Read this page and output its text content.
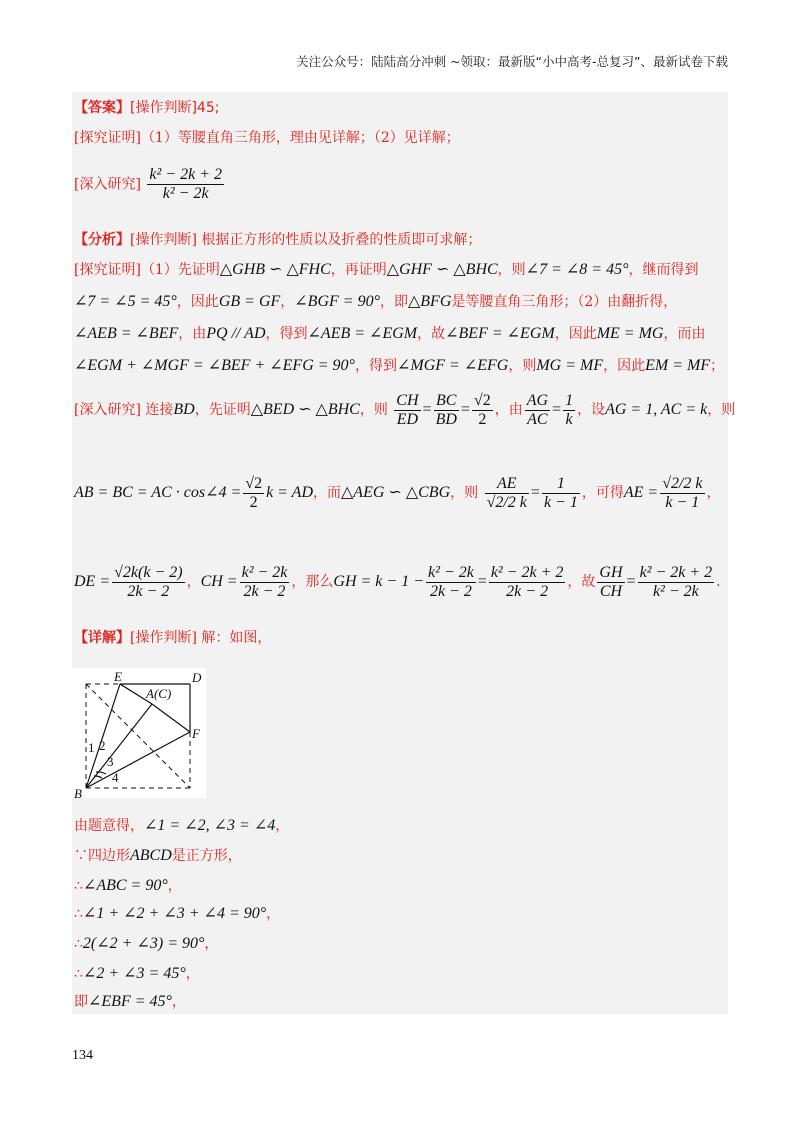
关注公众号：陆陆高分冲刺 ~领取：最新版“小中高考-总复习”、最新试卷下载
【答案】[操作判断]45;
[探究证明]（1）等腰直角三角形，理由见详解；（2）见详解；
[深入研究] $\frac{\text{k² − 2k + 2}}{\text{k² − 2k}}$
【分析】[操作判断] 根据正方形的性质以及折叠的性质即可求解；
[探究证明]（1）先证明△GHB ∽ △FHC，再证明△GHF ∽ △BHC，则∠7 = ∠8 = 45°，继而得到
∠7 = ∠5 = 45°，因此GB = GF，∠BGF = 90°，即△BFG是等腰直角三角形；（2）由翻折得，
∠AEB = ∠BEF，由PQ // AD，得到∠AEB = ∠EGM，故∠BEF = ∠EGM，因此ME = MG，而由
∠EGM + ∠MGF = ∠BEF + ∠EFG = 90°，得到∠MGF = ∠EFG，则MG = MF，因此EM = MF；
[深入研究] 连接BD，先证明△BED ∽ △BHC，则 $\frac{CH}{ED} = \frac{BC}{BD} = \frac{√2}{2}$ ，由 $\frac{AG}{AC} = \frac{1}{k}$ ，设AG = 1, AC = k，则
AB = BC = AC · cos∠4 = $\frac{√2}{2}$ k = AD，而△AEG ∽ △CBG，则 $\frac{AE}{√2/2 k} = \frac{1}{k - 1}$ ，可得AE = $\frac{√2/2 k}{k - 1}$ ，
DE = $\frac{√2k(k - 2)}{2k - 2}$ ，CH = $\frac{\text{k² − 2k}}{2k - 2}$ ，那么GH = $k - 1 - \frac{\text{k² − 2k}}{2k - 2} = \frac{\text{k² − 2k + 2}}{2k - 2}$ ，故 $\frac{GH}{CH} = \frac{\text{k² − 2k + 2}}{\text{k² − 2k}}$ .
【详解】[操作判断] 解：如图，
E
A(C)
D
F
B
1 2
3
4
由题意得，∠1 = ∠2, ∠3 = ∠4，
∵四边形ABCD是正方形，
∴∠ABC = 90°，
∴∠1 + ∠2 + ∠3 + ∠4 = 90°，
∴2(∠2 + ∠3) = 90°，
∴∠2 + ∠3 = 45°，
即∠EBF = 45°，
134
